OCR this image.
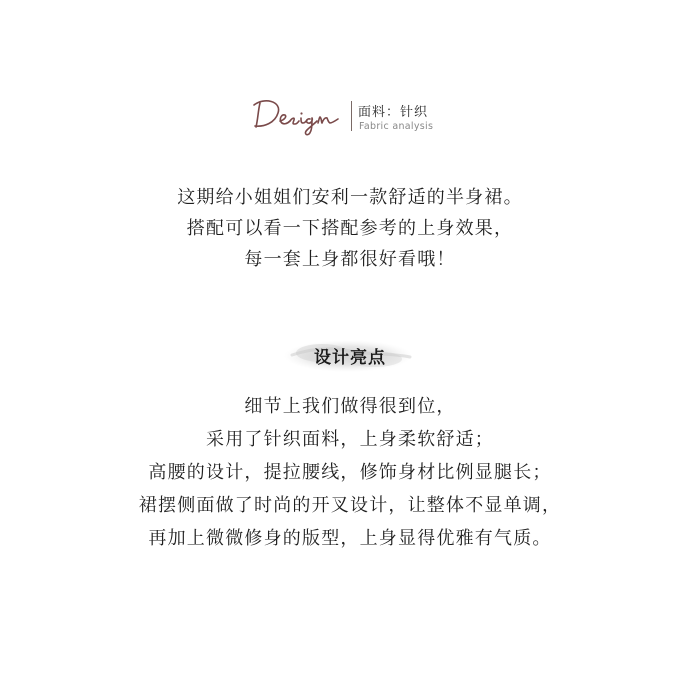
面料：针织
Fabric analysis
这期给小姐姐们安利一款舒适的半身裙。
搭配可以看一下搭配参考的上身效果，
每一套上身都很好看哦！
设计亮点
细节上我们做得很到位，
采用了针织面料，上身柔软舒适；
高腰的设计，提拉腰线，修饰身材比例显腿长；
裙摆侧面做了时尚的开叉设计，让整体不显单调，
再加上微微修身的版型，上身显得优雅有气质。
